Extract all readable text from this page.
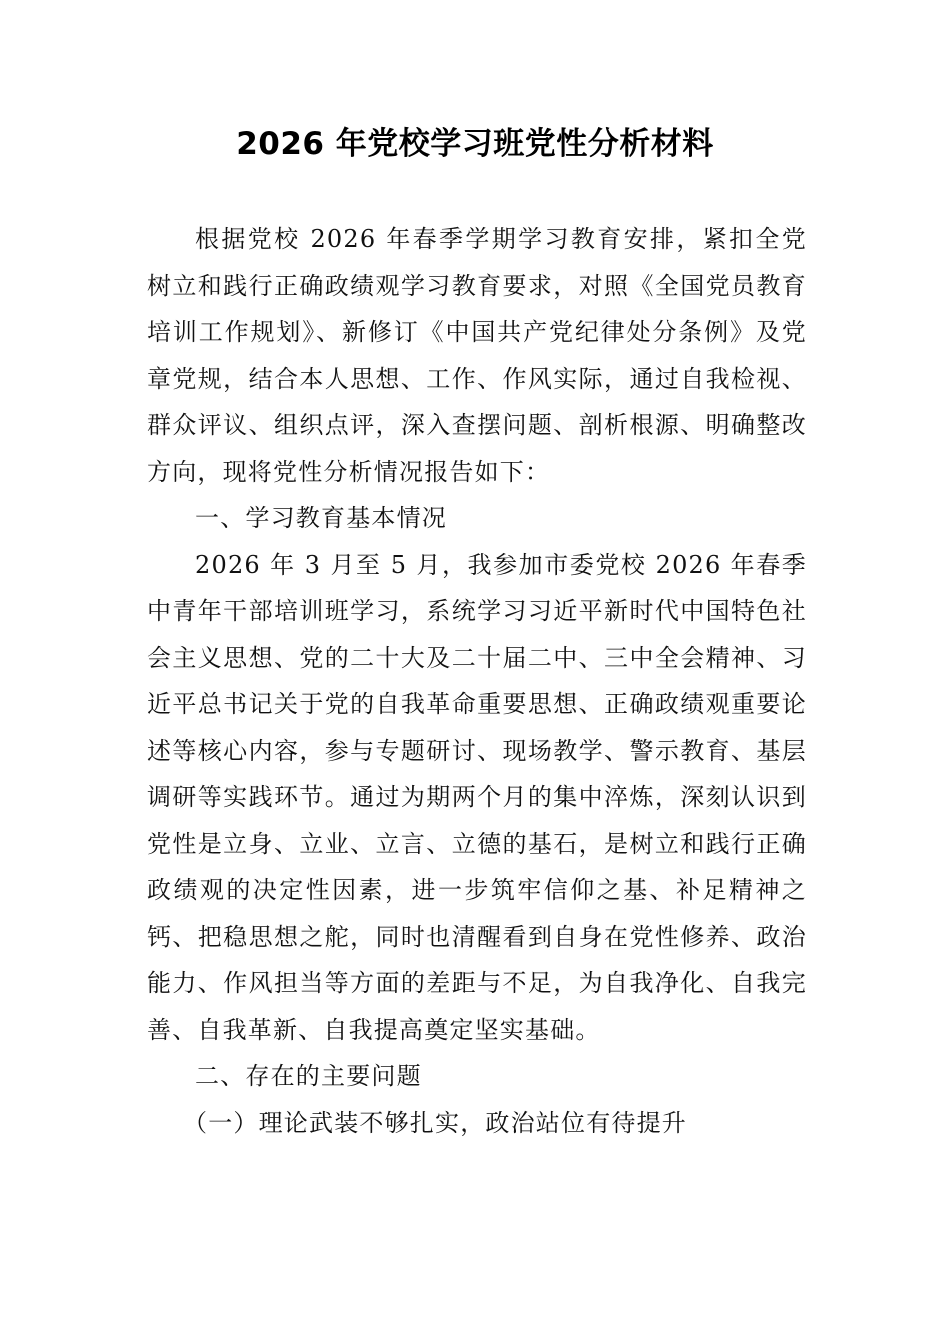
2026 年党校学习班党性分析材料

根据党校 2026 年春季学期学习教育安排，紧扣全党树立和践行正确政绩观学习教育要求，对照《全国党员教育培训工作规划》、新修订《中国共产党纪律处分条例》及党章党规，结合本人思想、工作、作风实际，通过自我检视、群众评议、组织点评，深入查摆问题、剖析根源、明确整改方向，现将党性分析情况报告如下：

一、学习教育基本情况

2026 年 3 月至 5 月，我参加市委党校 2026 年春季中青年干部培训班学习，系统学习习近平新时代中国特色社会主义思想、党的二十大及二十届二中、三中全会精神、习近平总书记关于党的自我革命重要思想、正确政绩观重要论述等核心内容，参与专题研讨、现场教学、警示教育、基层调研等实践环节。通过为期两个月的集中淬炼，深刻认识到党性是立身、立业、立言、立德的基石，是树立和践行正确政绩观的决定性因素，进一步筑牢信仰之基、补足精神之钙、把稳思想之舵，同时也清醒看到自身在党性修养、政治能力、作风担当等方面的差距与不足，为自我净化、自我完善、自我革新、自我提高奠定坚实基础。

二、存在的主要问题

（一）理论武装不够扎实，政治站位有待提升
